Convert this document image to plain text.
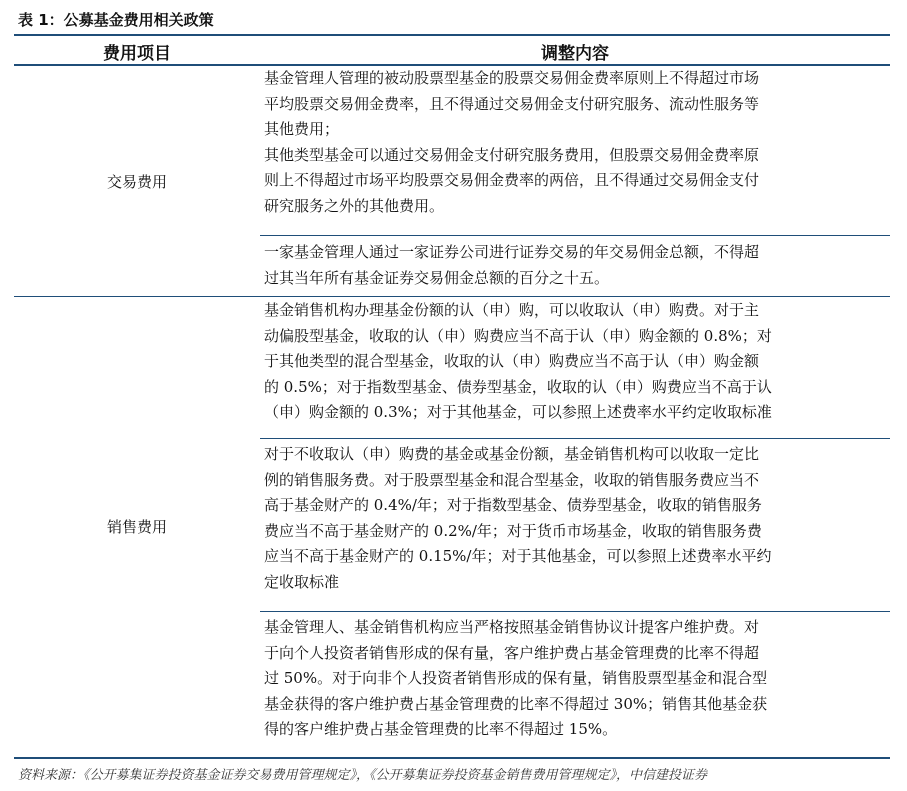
表 1：公募基金费用相关政策
费用项目	调整内容
交易费用
基金管理人管理的被动股票型基金的股票交易佣金费率原则上不得超过市场
平均股票交易佣金费率，且不得通过交易佣金支付研究服务、流动性服务等
其他费用；
其他类型基金可以通过交易佣金支付研究服务费用，但股票交易佣金费率原
则上不得超过市场平均股票交易佣金费率的两倍，且不得通过交易佣金支付
研究服务之外的其他费用。
一家基金管理人通过一家证券公司进行证券交易的年交易佣金总额，不得超
过其当年所有基金证券交易佣金总额的百分之十五。
销售费用
基金销售机构办理基金份额的认（申）购，可以收取认（申）购费。对于主
动偏股型基金，收取的认（申）购费应当不高于认（申）购金额的 0.8%；对
于其他类型的混合型基金，收取的认（申）购费应当不高于认（申）购金额
的 0.5%；对于指数型基金、债券型基金，收取的认（申）购费应当不高于认
（申）购金额的 0.3%；对于其他基金，可以参照上述费率水平约定收取标准
对于不收取认（申）购费的基金或基金份额，基金销售机构可以收取一定比
例的销售服务费。对于股票型基金和混合型基金，收取的销售服务费应当不
高于基金财产的 0.4%/年；对于指数型基金、债券型基金，收取的销售服务
费应当不高于基金财产的 0.2%/年；对于货币市场基金，收取的销售服务费
应当不高于基金财产的 0.15%/年；对于其他基金，可以参照上述费率水平约
定收取标准
基金管理人、基金销售机构应当严格按照基金销售协议计提客户维护费。对
于向个人投资者销售形成的保有量，客户维护费占基金管理费的比率不得超
过 50%。对于向非个人投资者销售形成的保有量，销售股票型基金和混合型
基金获得的客户维护费占基金管理费的比率不得超过 30%；销售其他基金获
得的客户维护费占基金管理费的比率不得超过 15%。
资料来源：《公开募集证券投资基金证券交易费用管理规定》，《公开募集证券投资基金销售费用管理规定》，中信建投证券
